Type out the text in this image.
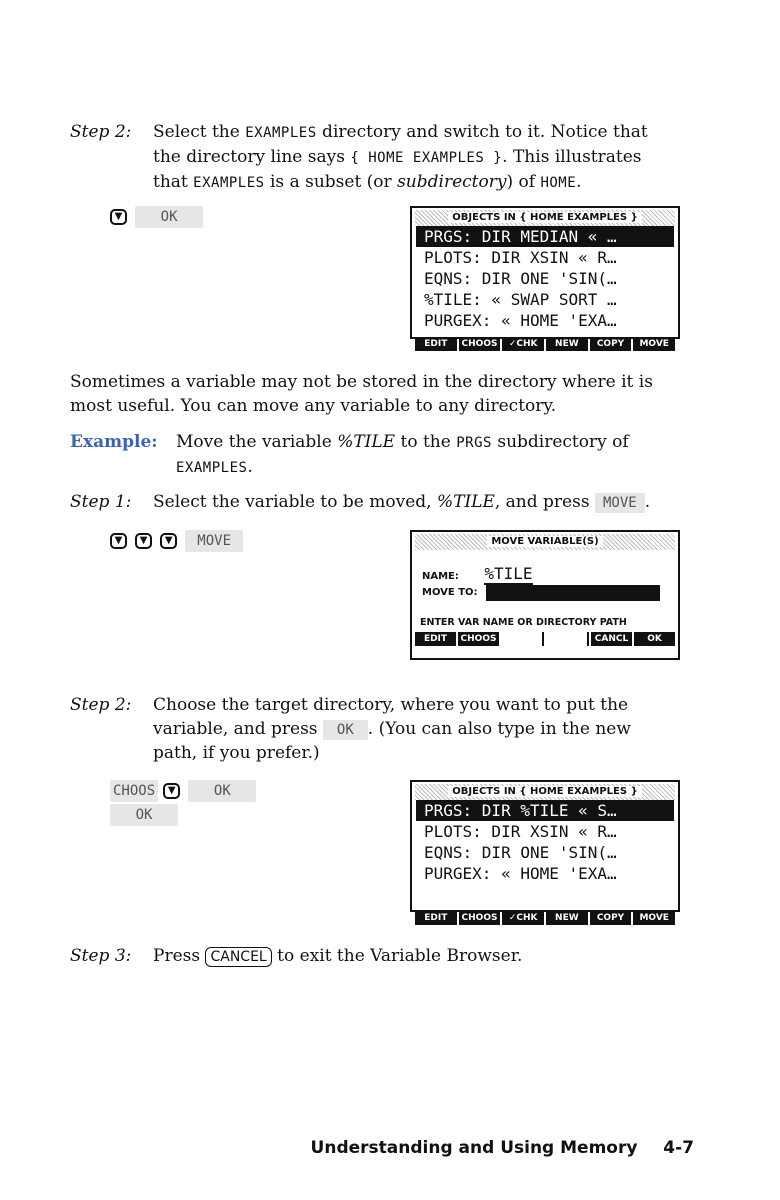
Step 2: Select the EXAMPLES directory and switch to it. Notice that
the directory line says { HOME EXAMPLES }. This illustrates
that EXAMPLES is a subset (or subdirectory) of HOME.
▼	OK	OBJECTS IN { HOME EXAMPLES }
PRGS: DIR MEDIAN « …
PLOTS: DIR XSIN « R…
EQNS: DIR ONE 'SIN(…
%TILE: « SWAP SORT …
PURGEX: « HOME 'EXA…
EDIT	CHOOS	✓CHK	NEW	COPY	MOVE
Sometimes a variable may not be stored in the directory where it is
most useful. You can move any variable to any directory.
Example: Move the variable %TILE to the PRGS subdirectory of
EXAMPLES.
Step 1: Select the variable to be moved, %TILE, and press MOVE .
▼ ▼ ▼ MOVE	MOVE VARIABLE(S)
NAME: %TILE
MOVE TO:
ENTER VAR NAME OR DIRECTORY PATH
EDIT	CHOOS	CANCL	OK
Step 2: Choose the target directory, where you want to put the
variable, and press OK . (You can also type in the new
path, if you prefer.)
CHOOS ▼	OK
OK
OBJECTS IN { HOME EXAMPLES }
PRGS: DIR %TILE « S…
PLOTS: DIR XSIN « R…
EQNS: DIR ONE 'SIN(…
PURGEX: « HOME 'EXA…
EDIT	CHOOS	✓CHK	NEW	COPY	MOVE
Step 3: Press CANCEL to exit the Variable Browser.
Understanding and Using Memory 4-7
